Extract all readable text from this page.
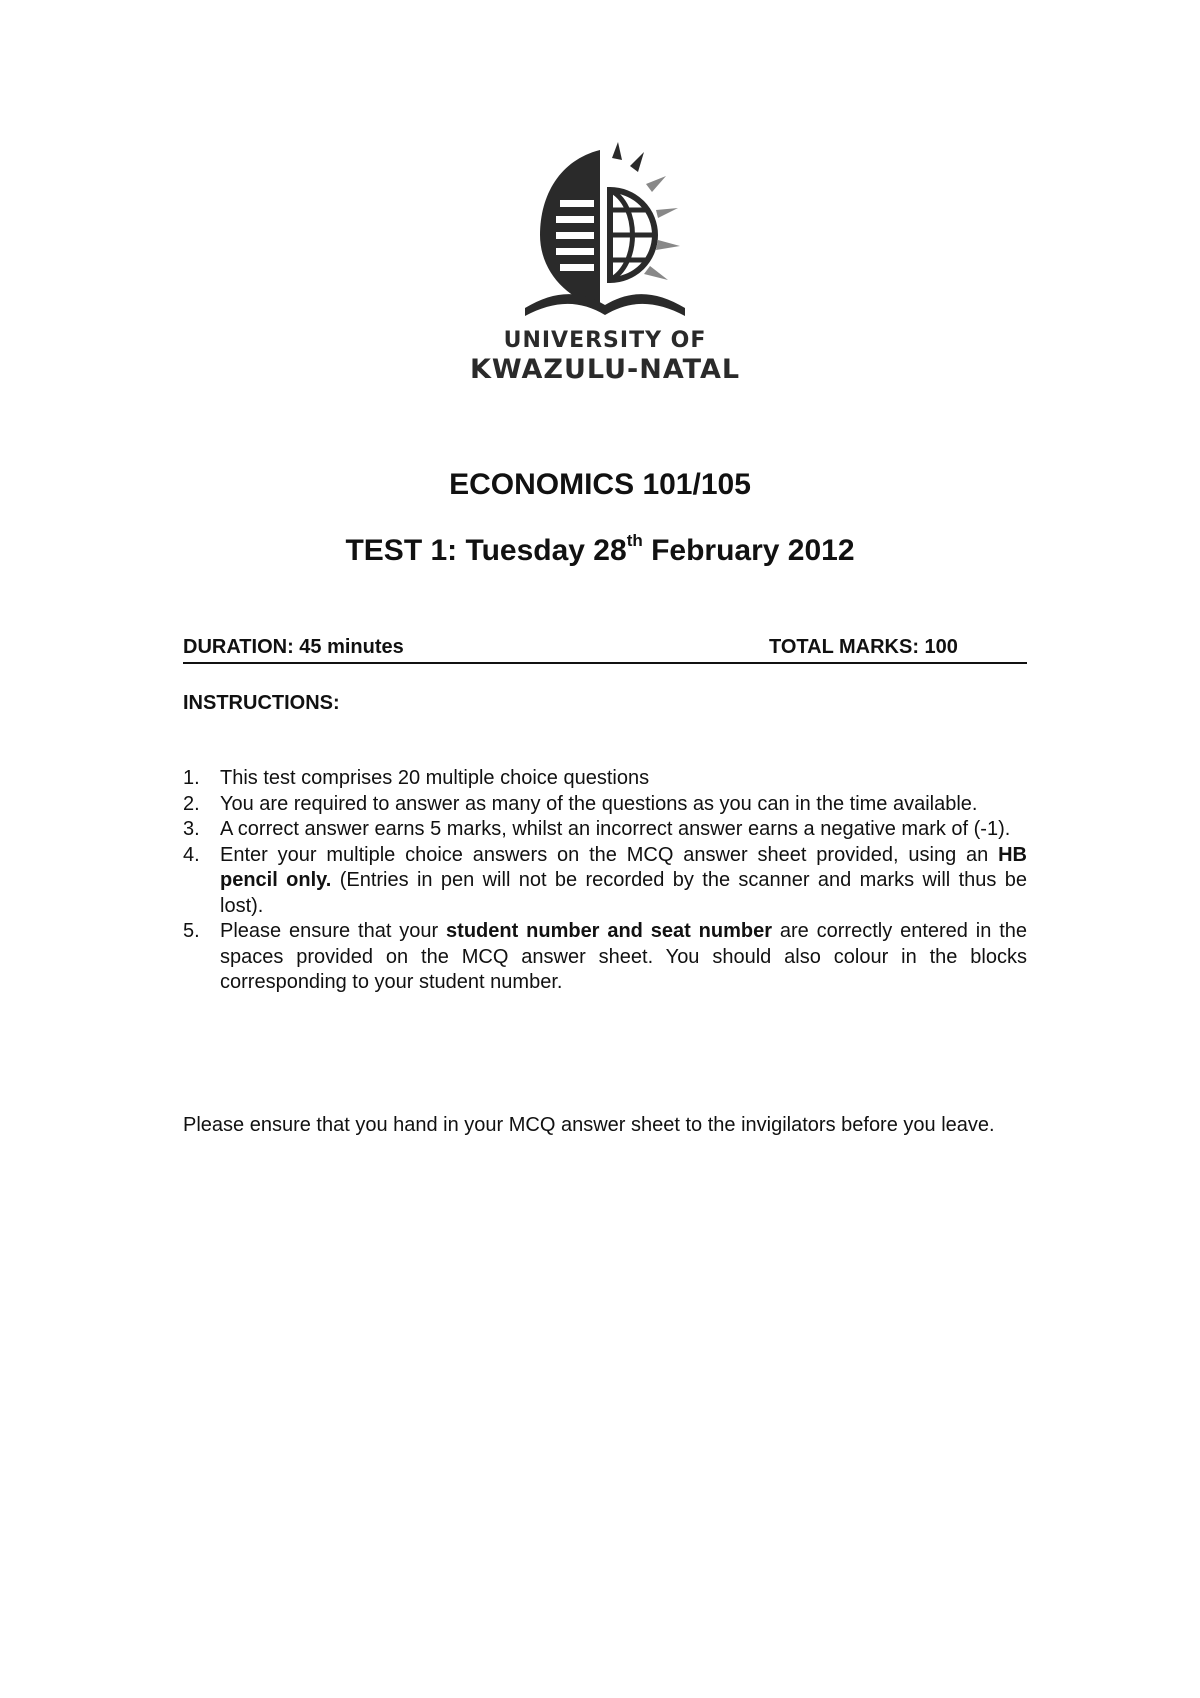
UNIVERSITY OF
KWAZULU-NATAL
ECONOMICS 101/105
TEST 1: Tuesday 28th February 2012
DURATION: 45 minutes	TOTAL MARKS: 100
INSTRUCTIONS:
1. This test comprises 20 multiple choice questions
2. You are required to answer as many of the questions as you can in the time available.
3. A correct answer earns 5 marks, whilst an incorrect answer earns a negative mark of (-1).
4. Enter your multiple choice answers on the MCQ answer sheet provided, using an HB pencil only. (Entries in pen will not be recorded by the scanner and marks will thus be lost).
5. Please ensure that your student number and seat number are correctly entered in the spaces provided on the MCQ answer sheet. You should also colour in the blocks corresponding to your student number.
Please ensure that you hand in your MCQ answer sheet to the invigilators before you leave.
